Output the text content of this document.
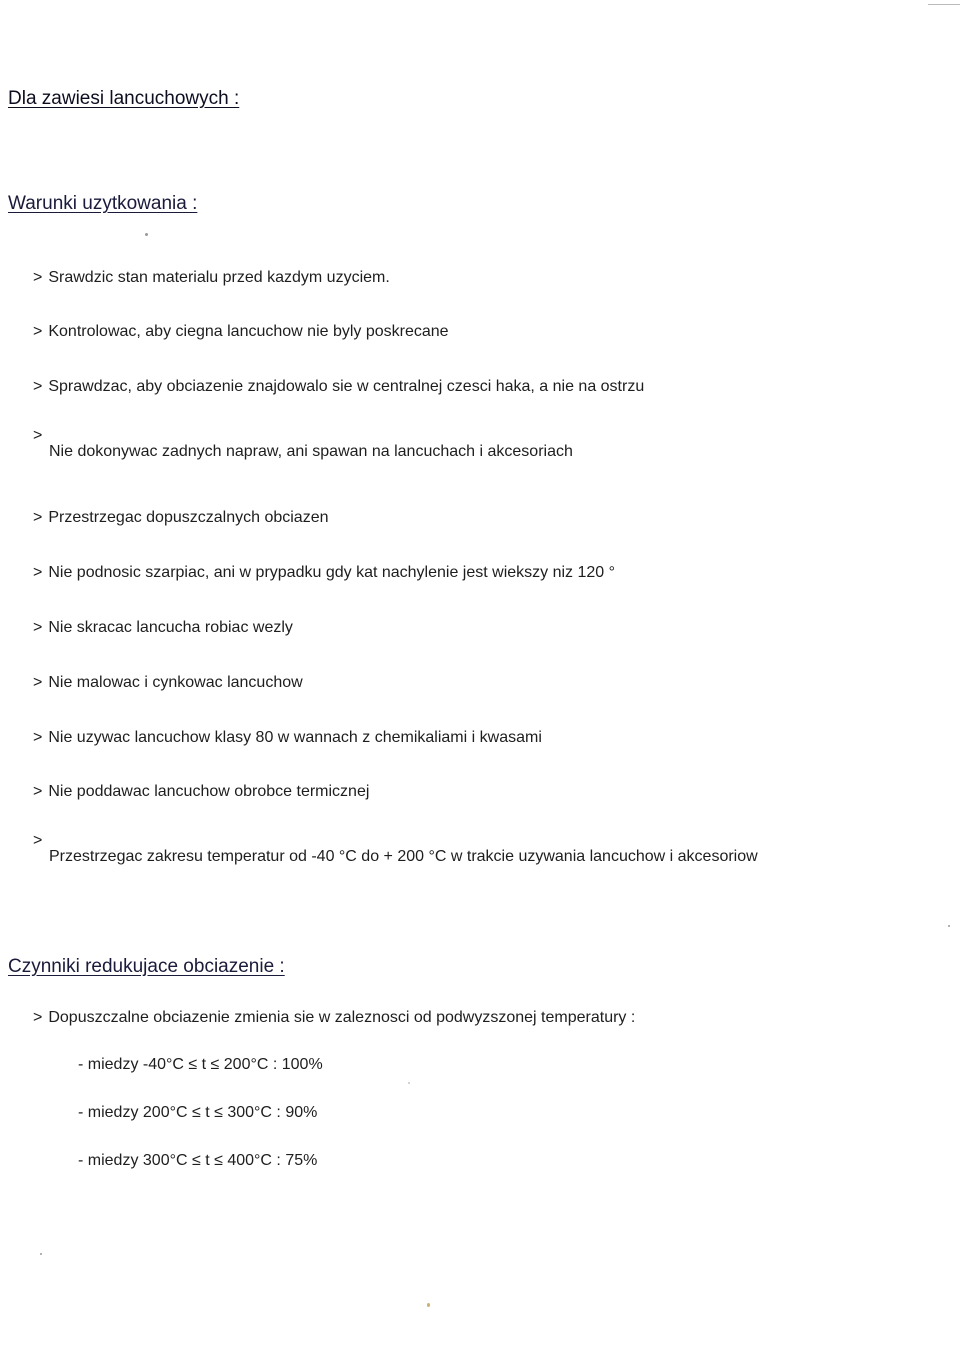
Dla zawiesi lancuchowych :
Warunki uzytkowania :
> Srawdzic stan materialu przed kazdym uzyciem.
> Kontrolowac, aby ciegna lancuchow nie byly poskrecane
> Sprawdzac, aby obciazenie znajdowalo sie w centralnej czesci haka, a nie na ostrzu
>
Nie dokonywac zadnych napraw, ani spawan na lancuchach i akcesoriach
> Przestrzegac dopuszczalnych obciazen
> Nie podnosic szarpiac, ani w prypadku gdy kat nachylenie jest wiekszy niz 120 °
> Nie skracac lancucha robiac wezly
> Nie malowac i cynkowac lancuchow
> Nie uzywac lancuchow klasy 80 w wannach z chemikaliami i kwasami
> Nie poddawac lancuchow obrobce termicznej
>
Przestrzegac zakresu temperatur od -40 °C do + 200 °C w trakcie uzywania lancuchow i akcesoriow
Czynniki redukujace obciazenie :
> Dopuszczalne obciazenie zmienia sie w zaleznosci od podwyzszonej temperatury :
- miedzy -40°C ≤ t ≤ 200°C : 100%
- miedzy 200°C ≤ t ≤ 300°C : 90%
- miedzy 300°C ≤ t ≤ 400°C : 75%
